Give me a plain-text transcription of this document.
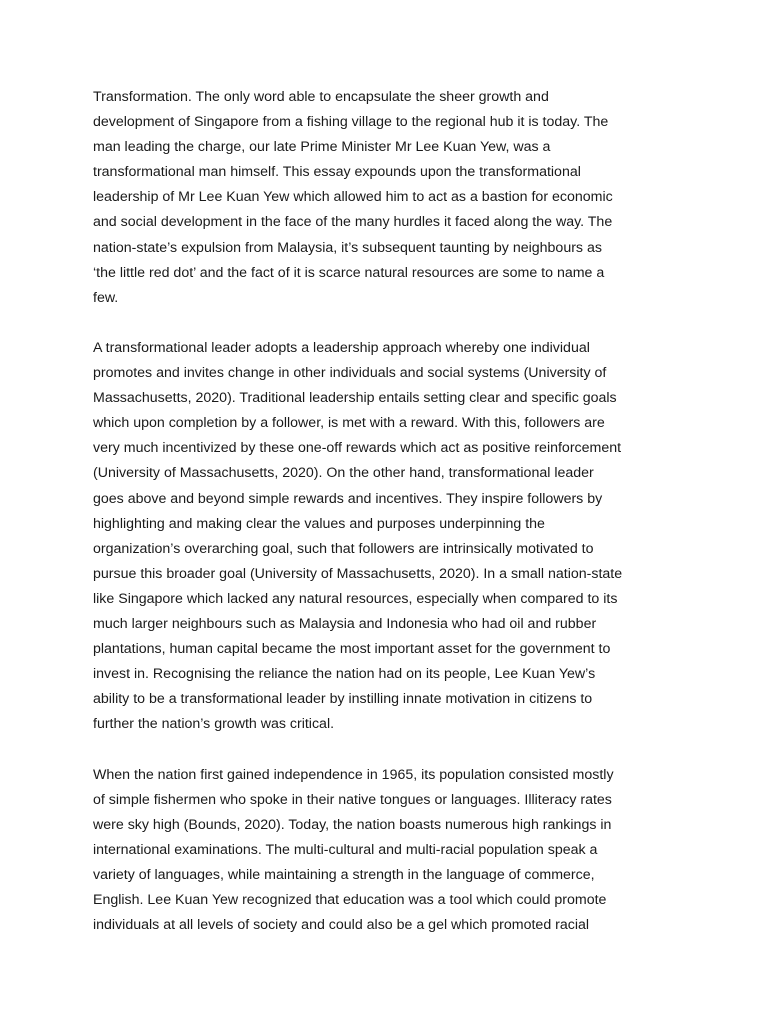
Transformation. The only word able to encapsulate the sheer growth and
development of Singapore from a fishing village to the regional hub it is today. The
man leading the charge, our late Prime Minister Mr Lee Kuan Yew, was a
transformational man himself. This essay expounds upon the transformational
leadership of Mr Lee Kuan Yew which allowed him to act as a bastion for economic
and social development in the face of the many hurdles it faced along the way. The
nation-state’s expulsion from Malaysia, it’s subsequent taunting by neighbours as
‘the little red dot’ and the fact of it is scarce natural resources are some to name a
few.
A transformational leader adopts a leadership approach whereby one individual
promotes and invites change in other individuals and social systems (University of
Massachusetts, 2020). Traditional leadership entails setting clear and specific goals
which upon completion by a follower, is met with a reward. With this, followers are
very much incentivized by these one-off rewards which act as positive reinforcement
(University of Massachusetts, 2020). On the other hand, transformational leader
goes above and beyond simple rewards and incentives. They inspire followers by
highlighting and making clear the values and purposes underpinning the
organization’s overarching goal, such that followers are intrinsically motivated to
pursue this broader goal (University of Massachusetts, 2020). In a small nation-state
like Singapore which lacked any natural resources, especially when compared to its
much larger neighbours such as Malaysia and Indonesia who had oil and rubber
plantations, human capital became the most important asset for the government to
invest in. Recognising the reliance the nation had on its people, Lee Kuan Yew’s
ability to be a transformational leader by instilling innate motivation in citizens to
further the nation’s growth was critical.
When the nation first gained independence in 1965, its population consisted mostly
of simple fishermen who spoke in their native tongues or languages. Illiteracy rates
were sky high (Bounds, 2020). Today, the nation boasts numerous high rankings in
international examinations. The multi-cultural and multi-racial population speak a
variety of languages, while maintaining a strength in the language of commerce,
English. Lee Kuan Yew recognized that education was a tool which could promote
individuals at all levels of society and could also be a gel which promoted racial
